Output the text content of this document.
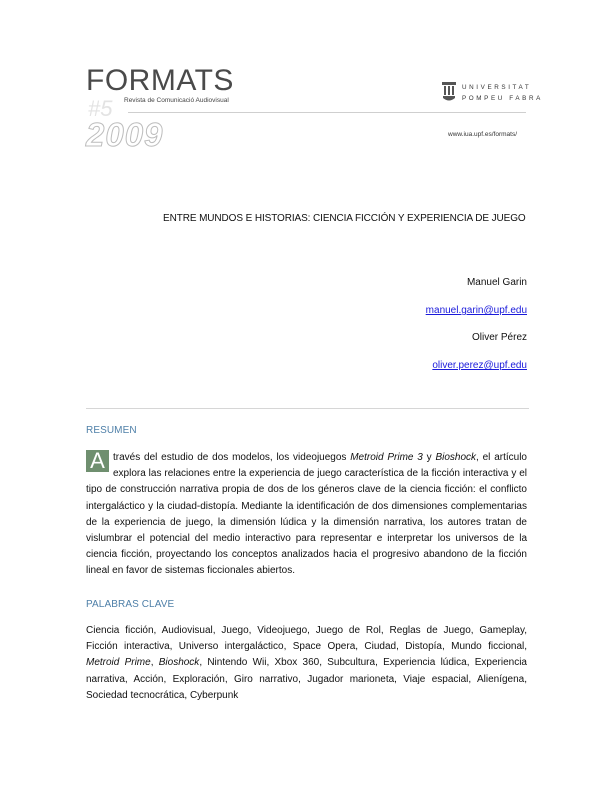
FORMATS
Revista de Comunicació Audiovisual
#5
2009
UNIVERSITAT
POMPEU FABRA
www.iua.upf.es/formats/
ENTRE MUNDOS E HISTORIAS: CIENCIA FICCIÓN Y EXPERIENCIA DE JUEGO
Manuel Garin
manuel.garin@upf.edu
Oliver Pérez
oliver.perez@upf.edu
RESUMEN
A través del estudio de dos modelos, los videojuegos Metroid Prime 3 y Bioshock, el artículo explora las relaciones entre la experiencia de juego característica de la ficción interactiva y el tipo de construcción narrativa propia de dos de los géneros clave de la ciencia ficción: el conflicto intergaláctico y la ciudad-distopía. Mediante la identificación de dos dimensiones complementarias de la experiencia de juego, la dimensión lúdica y la dimensión narrativa, los autores tratan de vislumbrar el potencial del medio interactivo para representar e interpretar los universos de la ciencia ficción, proyectando los conceptos analizados hacia el progresivo abandono de la ficción lineal en favor de sistemas ficcionales abiertos.
PALABRAS CLAVE
Ciencia ficción, Audiovisual, Juego, Videojuego, Juego de Rol, Reglas de Juego, Gameplay, Ficción interactiva, Universo intergaláctico, Space Opera, Ciudad, Distopía, Mundo ficcional, Metroid Prime, Bioshock, Nintendo Wii, Xbox 360, Subcultura, Experiencia lúdica, Experiencia narrativa, Acción, Exploración, Giro narrativo, Jugador marioneta, Viaje espacial, Alienígena, Sociedad tecnocrática, Cyberpunk
